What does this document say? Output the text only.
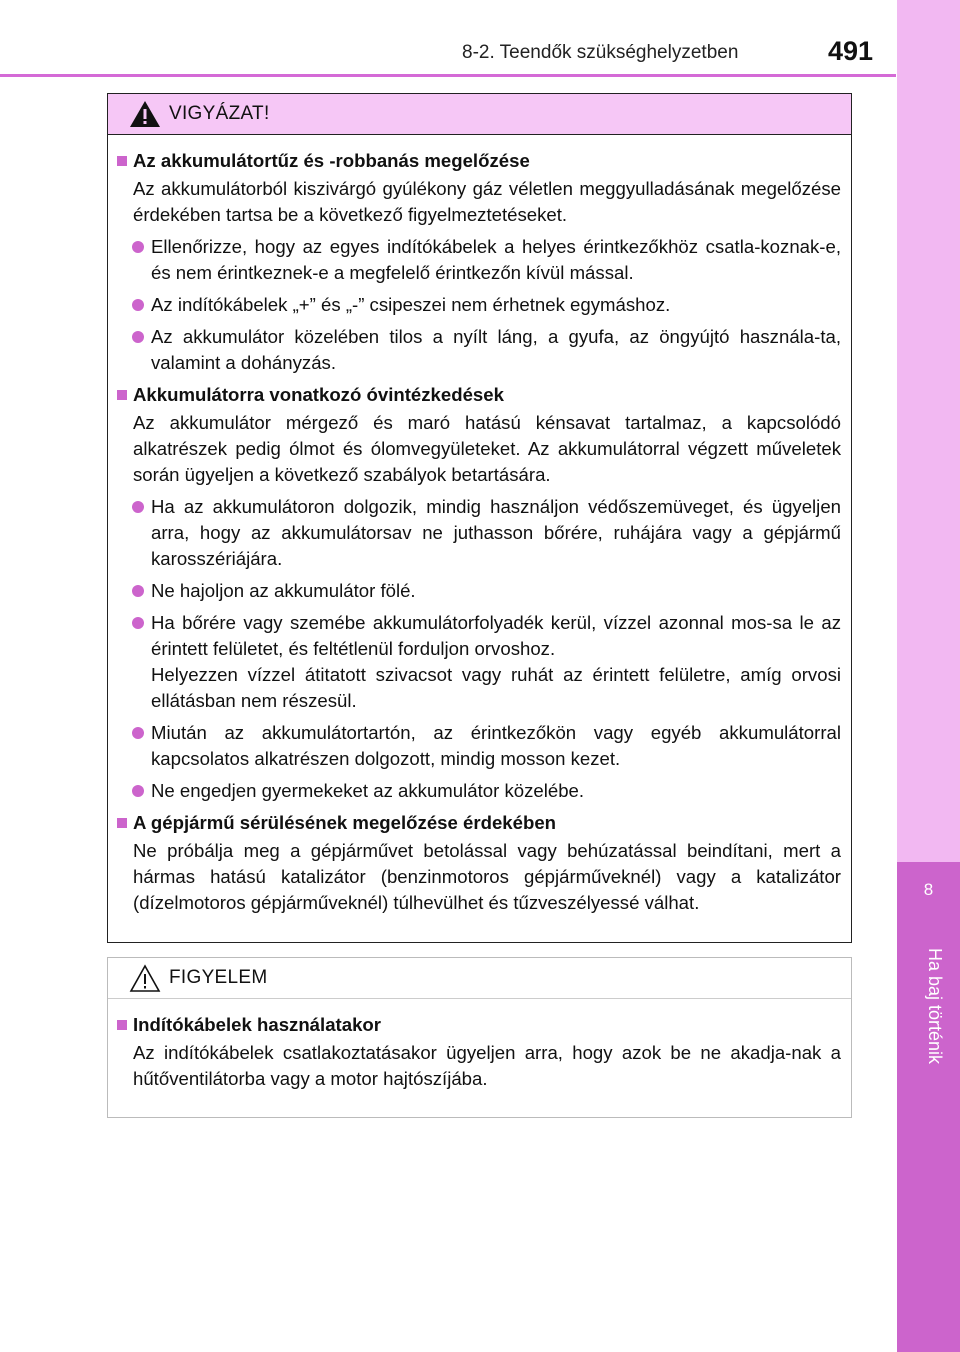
8-2. Teendők szükséghelyzetben	491
8
Ha baj történik
VIGYÁZAT!
Az akkumulátortűz és -robbanás megelőzése
Az akkumulátorból kiszivárgó gyúlékony gáz véletlen meggyulladásának megelőzése érdekében tartsa be a következő figyelmeztetéseket.
Ellenőrizze, hogy az egyes indítókábelek a helyes érintkezőkhöz csatla-koznak-e, és nem érintkeznek-e a megfelelő érintkezőn kívül mással.
Az indítókábelek „+” és „-” csipeszei nem érhetnek egymáshoz.
Az akkumulátor közelében tilos a nyílt láng, a gyufa, az öngyújtó használa-ta, valamint a dohányzás.
Akkumulátorra vonatkozó óvintézkedések
Az akkumulátor mérgező és maró hatású kénsavat tartalmaz, a kapcsolódó alkatrészek pedig ólmot és ólomvegyületeket. Az akkumulátorral végzett műveletek során ügyeljen a következő szabályok betartására.
Ha az akkumulátoron dolgozik, mindig használjon védőszemüveget, és ügyeljen arra, hogy az akkumulátorsav ne juthasson bőrére, ruhájára vagy a gépjármű karosszériájára.
Ne hajoljon az akkumulátor fölé.
Ha bőrére vagy szemébe akkumulátorfolyadék kerül, vízzel azonnal mos-sa le az érintett felületet, és feltétlenül forduljon orvoshoz.
Helyezzen vízzel átitatott szivacsot vagy ruhát az érintett felületre, amíg orvosi ellátásban nem részesül.
Miután az akkumulátortartón, az érintkezőkön vagy egyéb akkumulátorral kapcsolatos alkatrészen dolgozott, mindig mosson kezet.
Ne engedjen gyermekeket az akkumulátor közelébe.
A gépjármű sérülésének megelőzése érdekében
Ne próbálja meg a gépjárművet betolással vagy behúzatással beindítani, mert a hármas hatású katalizátor (benzinmotoros gépjárműveknél) vagy a katalizátor (dízelmotoros gépjárműveknél) túlhevülhet és tűzveszélyessé válhat.
FIGYELEM
Indítókábelek használatakor
Az indítókábelek csatlakoztatásakor ügyeljen arra, hogy azok be ne akadja-nak a hűtőventilátorba vagy a motor hajtószíjába.
